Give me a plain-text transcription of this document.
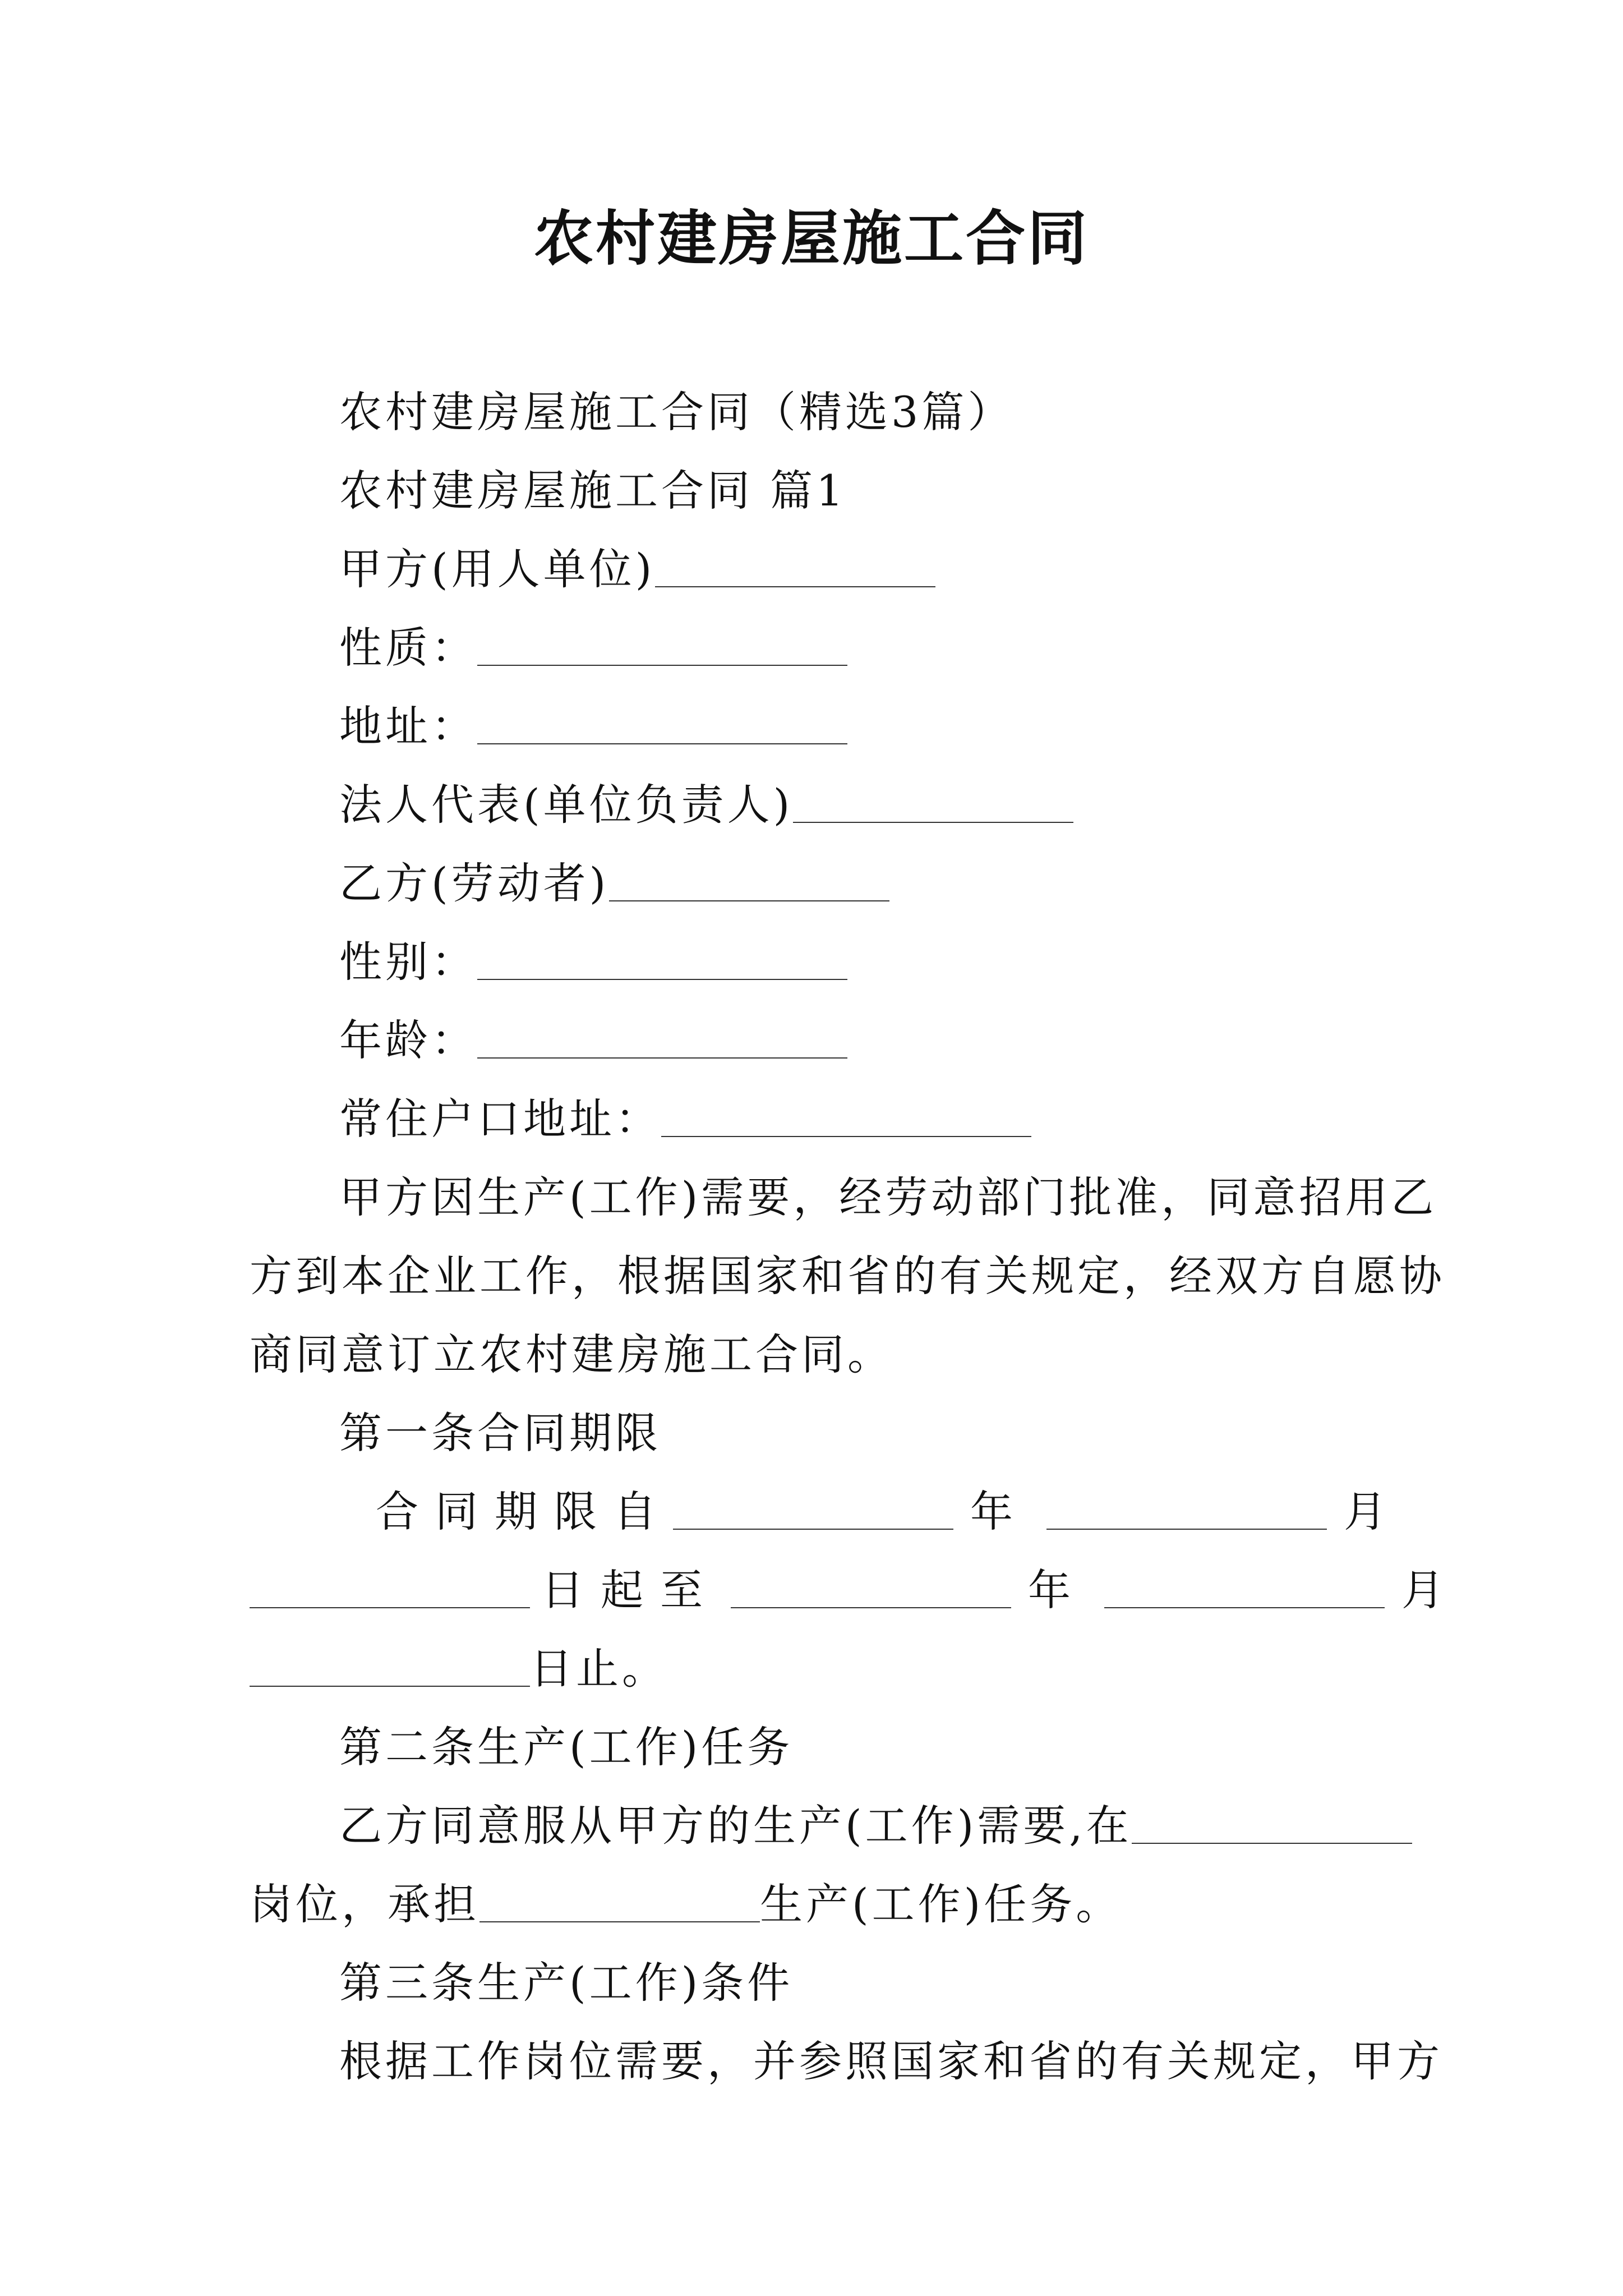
农村建房屋施工合同
农村建房屋施工合同（精选3篇）
农村建房屋施工合同 篇1
甲方(用人单位)
性质：
地址：
法人代表(单位负责人)
乙方(劳动者)
性别：
年龄：
常住户口地址：
甲方因生产(工作)需要，经劳动部门批准，同意招用乙
方到本企业工作，根据国家和省的有关规定，经双方自愿协
商同意订立农村建房施工合同。
第一条合同期限
合同期限自	年	月
日起至	年	月
日止。
第二条生产(工作)任务
乙方同意服从甲方的生产(工作)需要,在
岗位，承担	生产(工作)任务。
第三条生产(工作)条件
根据工作岗位需要，并参照国家和省的有关规定，甲方
